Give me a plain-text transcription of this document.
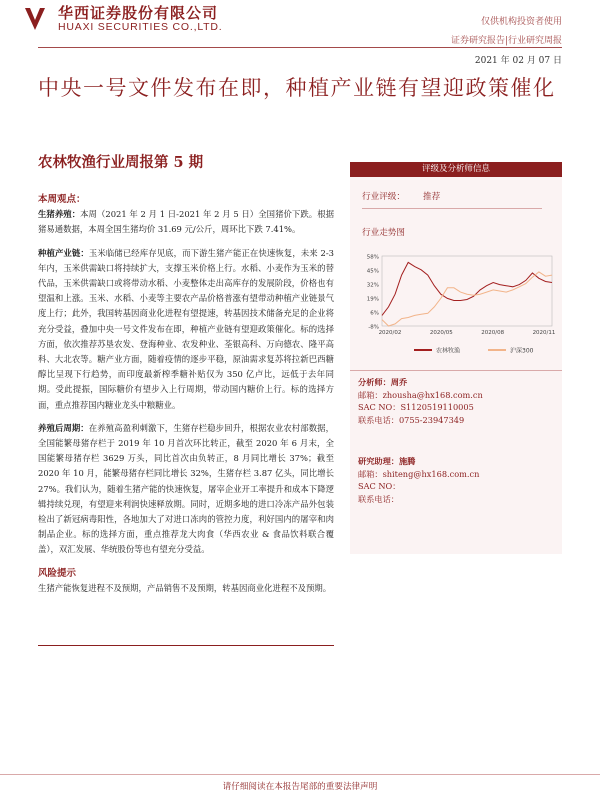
华西证券股份有限公司
HUAXI SECURITIES CO.,LTD.	仅供机构投资者使用
证券研究报告|行业研究周报
2021 年 02 月 07 日
中央一号文件发布在即，种植产业链有望迎政策催化
农林牧渔行业周报第 5 期
本周观点：

生猪养殖：本周（2021 年 2 月 1 日-2021 年 2 月 5 日）全国猪价下跌。根据猪易通数据，本周全国生猪均价 31.69 元/公斤，周环比下跌 7.41%。

种植产业链：玉米临储已经库存见底，而下游生猪产能正在快速恢复，未来 2-3 年内，玉米供需缺口将持续扩大，支撑玉米价格上行。水稻、小麦作为玉米的替代品，玉米供需缺口或将带动水稻、小麦整体走出高库存的发展阶段，价格也有望温和上涨。玉米、水稻、小麦等主要农产品价格普涨有望带动种植产业链景气度上行；此外，我国转基因商业化进程有望提速，转基因技术储备充足的企业将充分受益，叠加中央一号文件发布在即，种植产业链有望迎政策催化。标的选择方面，依次推荐苏垦农发、登海种业、农发种业、荃银高科、万向德农、隆平高科、大北农等。糖产业方面，随着疫情的逐步平稳，原油需求复苏将拉新巴西糖醇比呈现下行趋势，而印度最新榨季糖补贴仅为 350 亿卢比，远低于去年同期。受此提振，国际糖价有望步入上行周期，带动国内糖价上行。标的选择方面，重点推荐国内糖业龙头中粮糖业。

养殖后周期：在养殖高盈利刺激下，生猪存栏稳步回升，根据农业农村部数据，全国能繁母猪存栏于 2019 年 10 月首次环比转正，截至 2020 年 6 月末，全国能繁母猪存栏 3629 万头，同比首次由负转正，8 月同比增长 37%；截至 2020 年 10 月，能繁母猪存栏同比增长 32%，生猪存栏 3.87 亿头，同比增长 27%。我们认为，随着生猪产能的快速恢复，屠宰企业开工率提升和成本下降逻辑持续兑现，有望迎来利润快速释放期。同时，近期多地的进口冷冻产品外包装检出了新冠病毒阳性，各地加大了对进口冻肉的管控力度，利好国内的屠宰和肉制品企业。标的选择方面，重点推荐龙大肉食（华西农业 & 食品饮料联合覆盖），双汇发展、华统股份等也有望充分受益。

风险提示

生猪产能恢复进程不及预期，产品销售不及预期，转基因商业化进程不及预期。

评级及分析师信息
行业评级： 推荐
行业走势图
58%
45%
32%
19%
6%
-8%
2020/02	2020/05	2020/08	2020/11
农林牧渔	沪深300
分析师：周乔
邮箱：zhousha@hx168.com.cn
SAC NO：S1120519110005
联系电话：0755-23947349
研究助理：施腾
邮箱：shiteng@hx168.com.cn
SAC NO：
联系电话：
请仔细阅读在本报告尾部的重要法律声明
